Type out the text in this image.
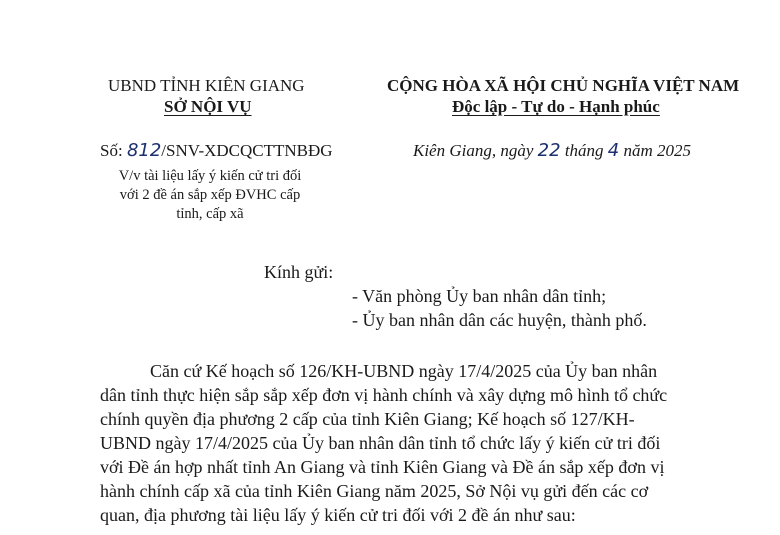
UBND TỈNH KIÊN GIANG
SỞ NỘI VỤ
CỘNG HÒA XÃ HỘI CHỦ NGHĨA VIỆT NAM
Độc lập - Tự do - Hạnh phúc
Số: 812/SNV-XDCQCTTNBĐG	Kiên Giang, ngày 22 tháng 4 năm 2025
V/v tài liệu lấy ý kiến cử tri đối
với 2 đề án sắp xếp ĐVHC cấp
tỉnh, cấp xã
Kính gửi:
- Văn phòng Ủy ban nhân dân tỉnh;
- Ủy ban nhân dân các huyện, thành phố.
Căn cứ Kế hoạch số 126/KH-UBND ngày 17/4/2025 của Ủy ban nhân
dân tỉnh thực hiện sắp sắp xếp đơn vị hành chính và xây dựng mô hình tổ chức
chính quyền địa phương 2 cấp của tỉnh Kiên Giang; Kế hoạch số 127/KH-
UBND ngày 17/4/2025 của Ủy ban nhân dân tỉnh tổ chức lấy ý kiến cử tri đối
với Đề án hợp nhất tỉnh An Giang và tỉnh Kiên Giang và Đề án sắp xếp đơn vị
hành chính cấp xã của tỉnh Kiên Giang năm 2025, Sở Nội vụ gửi đến các cơ
quan, địa phương tài liệu lấy ý kiến cử tri đối với 2 đề án như sau:
